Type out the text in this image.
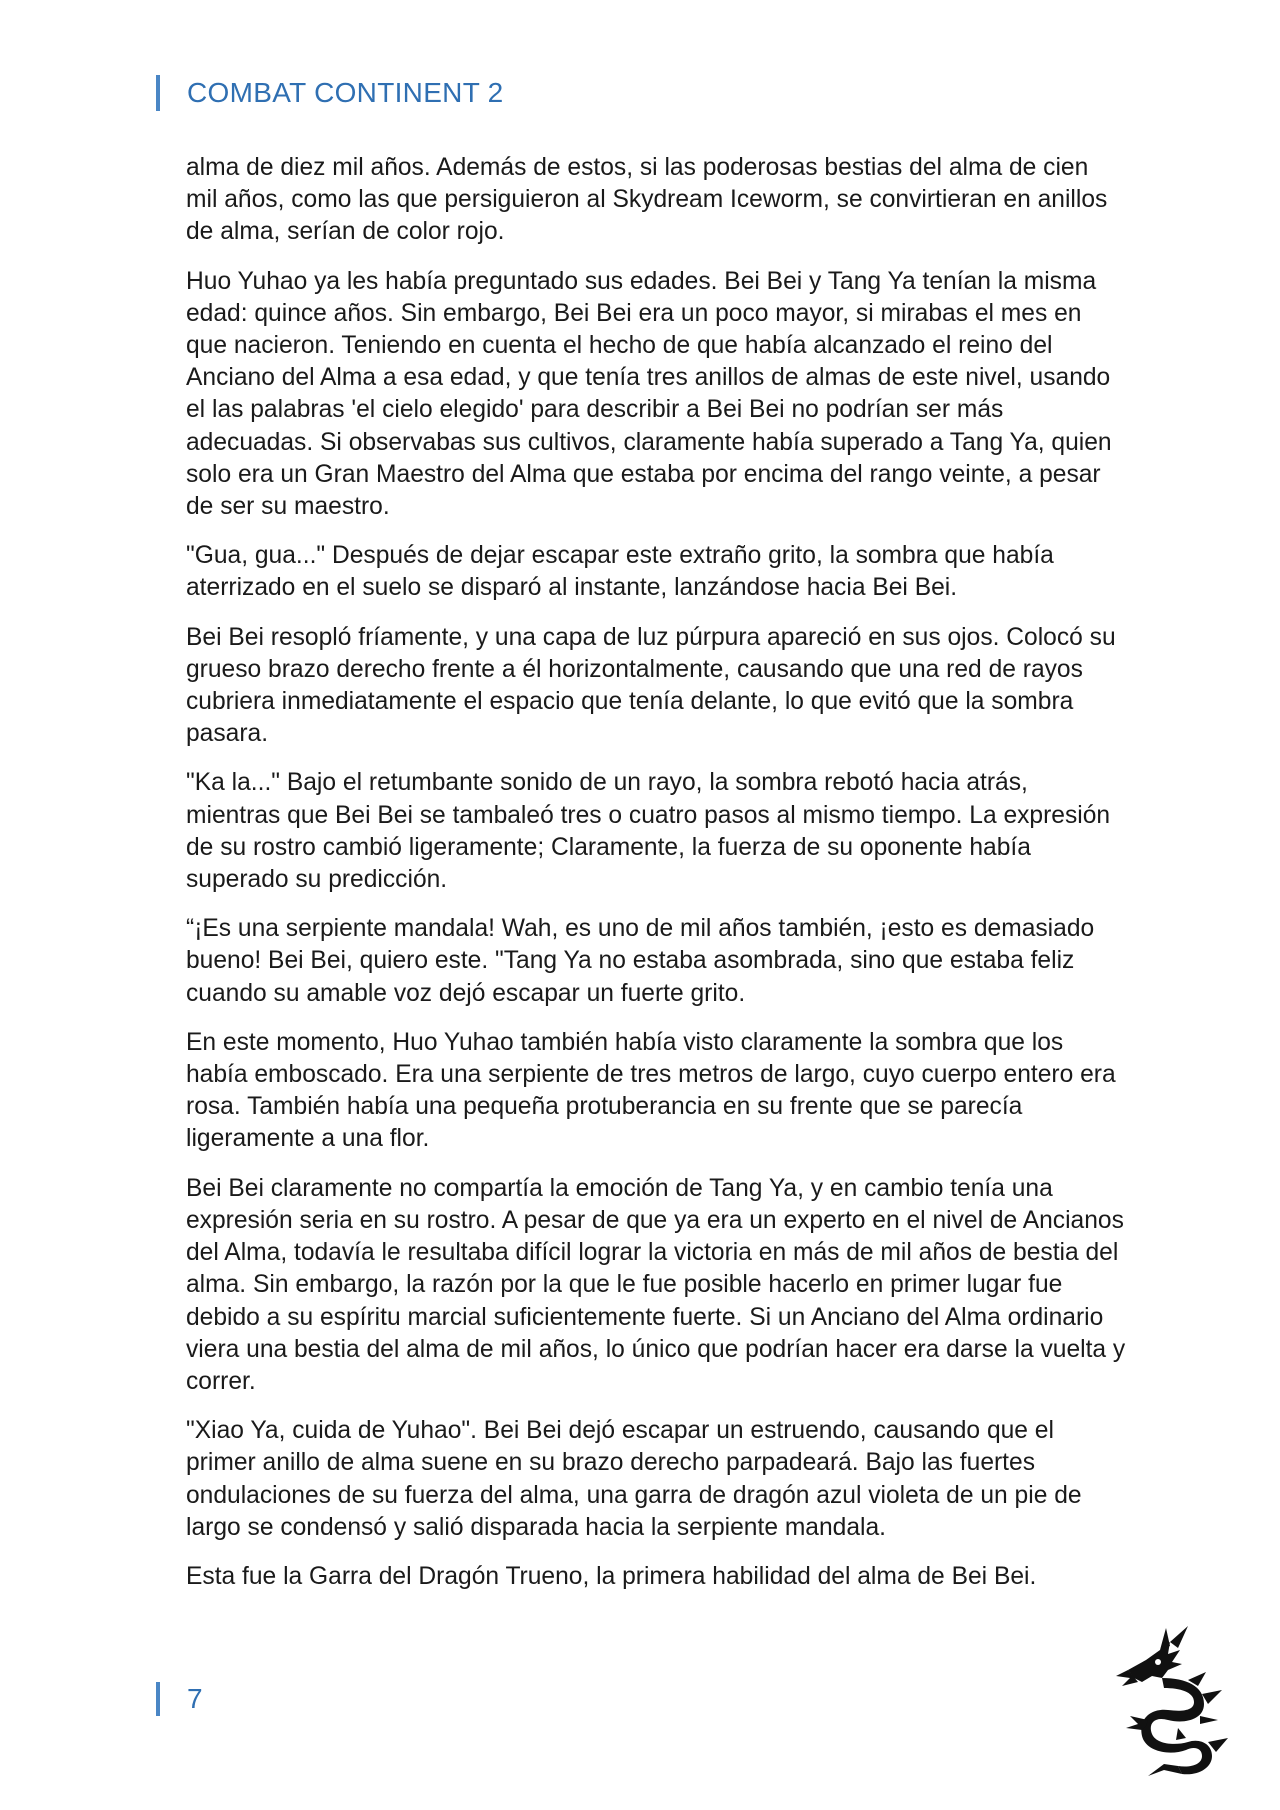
COMBAT CONTINENT 2

alma de diez mil años. Además de estos, si las poderosas bestias del alma de cien mil años, como las que persiguieron al Skydream Iceworm, se convirtieran en anillos de alma, serían de color rojo.

Huo Yuhao ya les había preguntado sus edades. Bei Bei y Tang Ya tenían la misma edad: quince años. Sin embargo, Bei Bei era un poco mayor, si mirabas el mes en que nacieron. Teniendo en cuenta el hecho de que había alcanzado el reino del Anciano del Alma a esa edad, y que tenía tres anillos de almas de este nivel, usando el las palabras 'el cielo elegido' para describir a Bei Bei no podrían ser más adecuadas. Si observabas sus cultivos, claramente había superado a Tang Ya, quien solo era un Gran Maestro del Alma que estaba por encima del rango veinte, a pesar de ser su maestro.

"Gua, gua..." Después de dejar escapar este extraño grito, la sombra que había aterrizado en el suelo se disparó al instante, lanzándose hacia Bei Bei.

Bei Bei resopló fríamente, y una capa de luz púrpura apareció en sus ojos. Colocó su grueso brazo derecho frente a él horizontalmente, causando que una red de rayos cubriera inmediatamente el espacio que tenía delante, lo que evitó que la sombra pasara.

"Ka la..." Bajo el retumbante sonido de un rayo, la sombra rebotó hacia atrás, mientras que Bei Bei se tambaleó tres o cuatro pasos al mismo tiempo. La expresión de su rostro cambió ligeramente; Claramente, la fuerza de su oponente había superado su predicción.

“¡Es una serpiente mandala! Wah, es uno de mil años también, ¡esto es demasiado bueno! Bei Bei, quiero este. "Tang Ya no estaba asombrada, sino que estaba feliz cuando su amable voz dejó escapar un fuerte grito.

En este momento, Huo Yuhao también había visto claramente la sombra que los había emboscado. Era una serpiente de tres metros de largo, cuyo cuerpo entero era rosa. También había una pequeña protuberancia en su frente que se parecía ligeramente a una flor.

Bei Bei claramente no compartía la emoción de Tang Ya, y en cambio tenía una expresión seria en su rostro. A pesar de que ya era un experto en el nivel de Ancianos del Alma, todavía le resultaba difícil lograr la victoria en más de mil años de bestia del alma. Sin embargo, la razón por la que le fue posible hacerlo en primer lugar fue debido a su espíritu marcial suficientemente fuerte. Si un Anciano del Alma ordinario viera una bestia del alma de mil años, lo único que podrían hacer era darse la vuelta y correr.

"Xiao Ya, cuida de Yuhao". Bei Bei dejó escapar un estruendo, causando que el primer anillo de alma suene en su brazo derecho parpadeará. Bajo las fuertes ondulaciones de su fuerza del alma, una garra de dragón azul violeta de un pie de largo se condensó y salió disparada hacia la serpiente mandala.

Esta fue la Garra del Dragón Trueno, la primera habilidad del alma de Bei Bei.

7
